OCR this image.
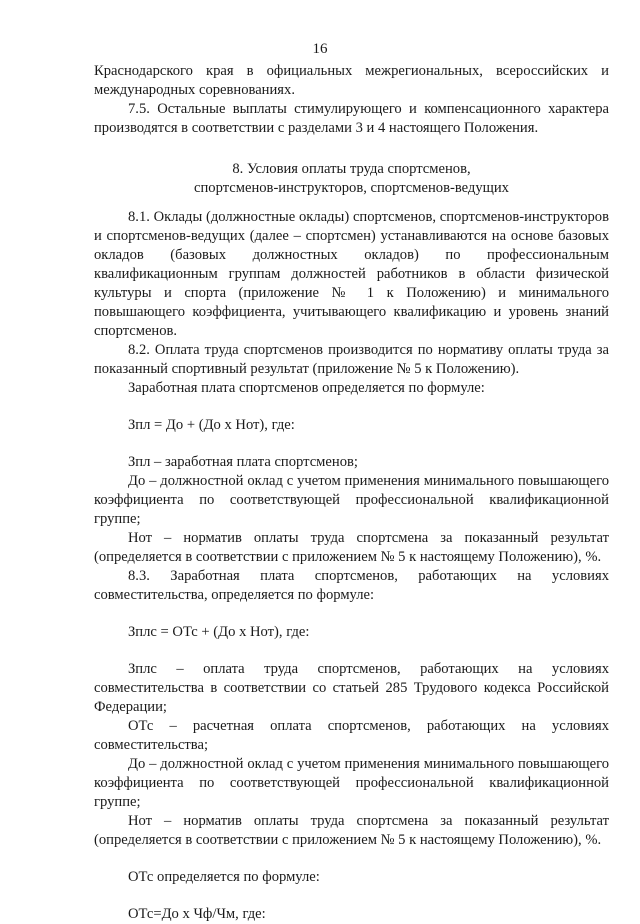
16

Краснодарского края в официальных межрегиональных, всероссийских и международных соревнованиях.

7.5. Остальные выплаты стимулирующего и компенсационного характера производятся в соответствии с разделами 3 и 4 настоящего Положения.

8. Условия оплаты труда спортсменов,

спортсменов-инструкторов, спортсменов-ведущих

8.1. Оклады (должностные оклады) спортсменов, спортсменов-инструкторов и спортсменов-ведущих (далее – спортсмен) устанавливаются на основе базовых окладов (базовых должностных окладов) по профессиональным квалификационным группам должностей работников в области физической культуры и спорта (приложение № 1 к Положению) и минимального повышающего коэффициента, учитывающего квалификацию и уровень знаний спортсменов.

8.2. Оплата труда спортсменов производится по нормативу оплаты труда за показанный спортивный результат (приложение № 5 к Положению).

Заработная плата спортсменов определяется по формуле:

Зпл = До + (До х Нот), где:

Зпл – заработная плата спортсменов;

До – должностной оклад с учетом применения минимального повышающего коэффициента по соответствующей профессиональной квалификационной группе;

Нот – норматив оплаты труда спортсмена за показанный результат (определяется в соответствии с приложением № 5 к настоящему Положению), %.

8.3. Заработная плата спортсменов, работающих на условиях совместительства, определяется по формуле:

Зплс = ОТс + (До х Нот), где:

Зплс – оплата труда спортсменов, работающих на условиях совместительства в соответствии со статьей 285 Трудового кодекса Российской Федерации;

ОТс – расчетная оплата спортсменов, работающих на условиях совместительства;

До – должностной оклад с учетом применения минимального повышающего коэффициента по соответствующей профессиональной квалификационной группе;

Нот – норматив оплаты труда спортсмена за показанный результат (определяется в соответствии с приложением № 5 к настоящему Положению), %.

ОТс определяется по формуле:

ОТс=До х Чф/Чм, где:
